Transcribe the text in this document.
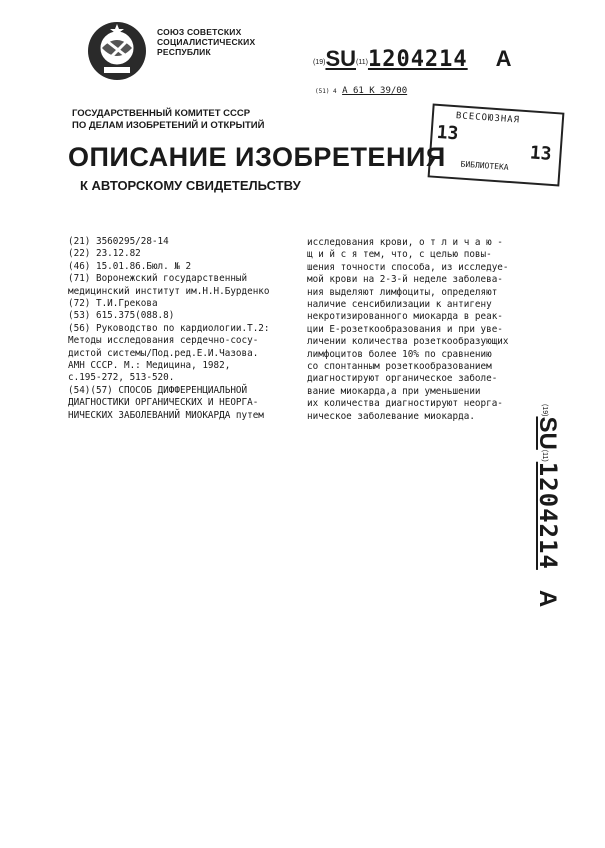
СОЮЗ СОВЕТСКИХ
СОЦИАЛИСТИЧЕСКИХ
РЕСПУБЛИК
(19)SU(11)1204214 A
(51) 4 A 61 K 39/00
ВСЕСОЮЗНАЯ
13
13
БИБЛИОТЕКА
ГОСУДАРСТВЕННЫЙ КОМИТЕТ СССР
ПО ДЕЛАМ ИЗОБРЕТЕНИЙ И ОТКРЫТИЙ
ОПИСАНИЕ ИЗОБРЕТЕНИЯ
К АВТОРСКОМУ СВИДЕТЕЛЬСТВУ
(21) 3560295/28-14
(22) 23.12.82
(46) 15.01.86.Бюл. № 2
(71) Воронежский государственный
медицинский институт им.Н.Н.Бурденко
(72) Т.И.Грекова
(53) 615.375(088.8)
(56) Руководство по кардиологии.Т.2:
Методы исследования сердечно-сосу-
дистой системы/Под.ред.Е.И.Чазова.
АМН СССР. М.: Медицина, 1982,
с.195-272, 513-520.
(54)(57) СПОСОБ ДИФФЕРЕНЦИАЛЬНОЙ
ДИАГНОСТИКИ ОРГАНИЧЕСКИХ И НЕОРГА-
НИЧЕСКИХ ЗАБОЛЕВАНИЙ МИОКАРДА путем
исследования крови, о т л и ч а ю -
щ и й с я тем, что, с целью повы-
шения точности способа, из исследуе-
мой крови на 2-3-й неделе заболева-
ния выделяют лимфоциты, определяют
наличие сенсибилизации к антигену
некротизированного миокарда в реак-
ции Е-розеткообразования и при уве-
личении количества розеткообразующих
лимфоцитов более 10% по сравнению
со спонтанным розеткообразованием
диагностируют органическое заболе-
вание миокарда,а при уменьшении
их количества диагностируют неорга-
ническое заболевание миокарда.	(19)SU(11)1204214A
